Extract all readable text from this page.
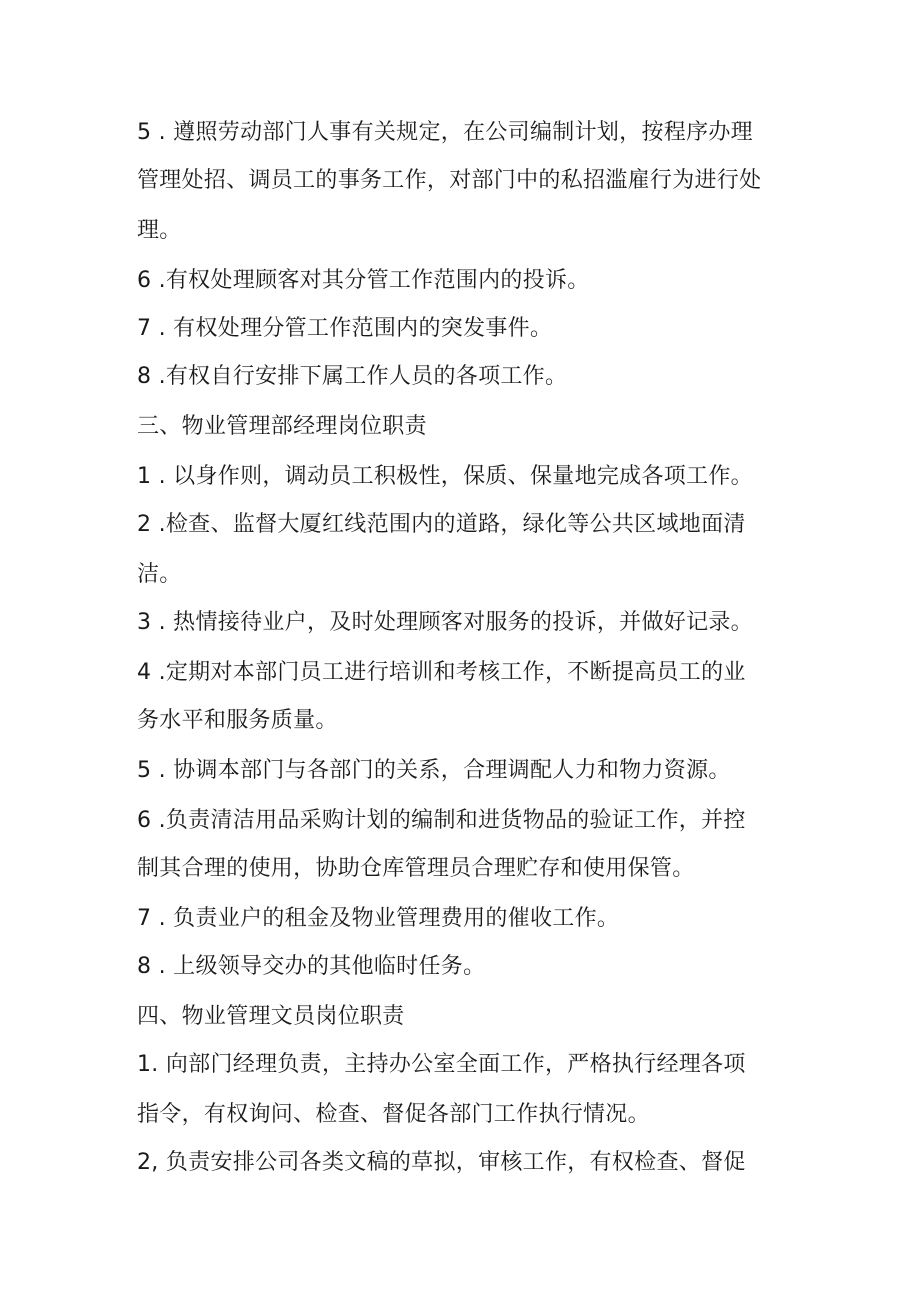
5 . 遵照劳动部门人事有关规定，在公司编制计划，按程序办理
管理处招、调员工的事务工作，对部门中的私招滥雇行为进行处
理。
6 .有权处理顾客对其分管工作范围内的投诉。
7 . 有权处理分管工作范围内的突发事件。
8 .有权自行安排下属工作人员的各项工作。
三、物业管理部经理岗位职责
1 . 以身作则，调动员工积极性，保质、保量地完成各项工作。
2 .检查、监督大厦红线范围内的道路，绿化等公共区域地面清
洁。
3 . 热情接待业户，及时处理顾客对服务的投诉，并做好记录。
4 .定期对本部门员工进行培训和考核工作，不断提高员工的业
务水平和服务质量。
5 . 协调本部门与各部门的关系，合理调配人力和物力资源。
6 .负责清洁用品采购计划的编制和进货物品的验证工作，并控
制其合理的使用，协助仓库管理员合理贮存和使用保管。
7 . 负责业户的租金及物业管理费用的催收工作。
8 . 上级领导交办的其他临时任务。
四、物业管理文员岗位职责
1. 向部门经理负责，主持办公室全面工作，严格执行经理各项
指令，有权询问、检查、督促各部门工作执行情况。
2, 负责安排公司各类文稿的草拟，审核工作，有权检查、督促
